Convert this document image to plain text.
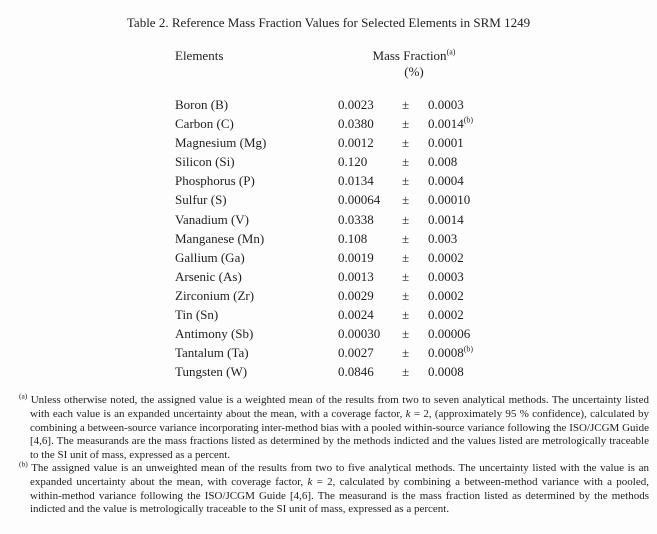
Table 2. Reference Mass Fraction Values for Selected Elements in SRM 1249

Elements	Mass Fraction$^{(a)}$
(%)
Boron (B)	0.0023	±	0.0003
Carbon (C)	0.0380	±	$0.0014^{(b)}$
Magnesium (Mg)	0.0012	±	0.0001
Silicon (Si)	0.120	±	0.008
Phosphorus (P)	0.0134	±	0.0004
Sulfur (S)	0.00064	±	0.00010
Vanadium (V)	0.0338	±	0.0014
Manganese (Mn)	0.108	±	0.003
Gallium (Ga)	0.0019	±	0.0002
Arsenic (As)	0.0013	±	0.0003
Zirconium (Zr)	0.0029	±	0.0002
Tin (Sn)	0.0024	±	0.0002
Antimony (Sb)	0.00030	±	0.00006
Tantalum (Ta)	0.0027	±	$0.0008^{(b)}$
Tungsten (W)	0.0846	±	0.0008

$^{(a)}$ Unless otherwise noted, the assigned value is a weighted mean of the results from two to seven analytical methods. The uncertainty listed with each value is an expanded uncertainty about the mean, with a coverage factor, k = 2, (approximately 95 % confidence), calculated by combining a between-source variance incorporating inter-method bias with a pooled within-source variance following the ISO/JCGM Guide [4,6]. The measurands are the mass fractions listed as determined by the methods indicted and the values listed are metrologically traceable to the SI unit of mass, expressed as a percent.

$^{(b)}$ The assigned value is an unweighted mean of the results from two to five analytical methods. The uncertainty listed with the value is an expanded uncertainty about the mean, with coverage factor, k = 2, calculated by combining a between-method variance with a pooled, within-method variance following the ISO/JCGM Guide [4,6]. The measurand is the mass fraction listed as determined by the methods indicted and the value is metrologically traceable to the SI unit of mass, expressed as a percent.
